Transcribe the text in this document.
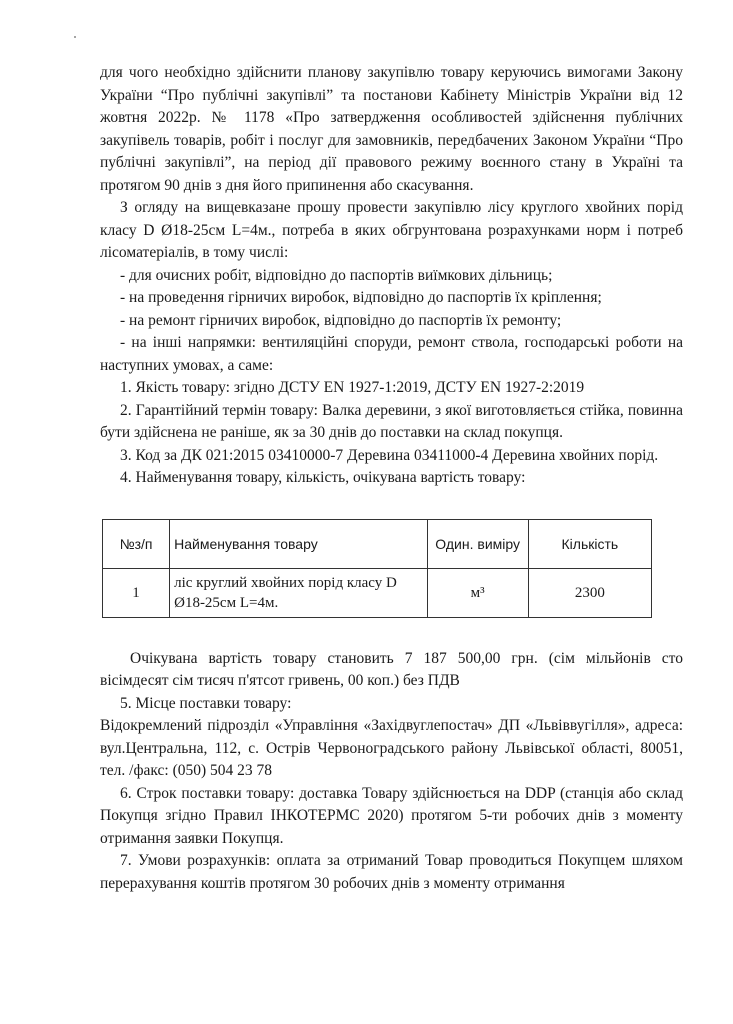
для чого необхідно здійснити планову закупівлю товару керуючись вимогами Закону України “Про публічні закупівлі” та постанови Кабінету Міністрів України від 12 жовтня 2022р. № 1178 «Про затвердження особливостей здійснення публічних закупівель товарів, робіт і послуг для замовників, передбачених Законом України “Про публічні закупівлі”, на період дії правового режиму воєнного стану в Україні та протягом 90 днів з дня його припинення або скасування.

З огляду на вищевказане прошу провести закупівлю лісу круглого хвойних порід класу D Ø18-25см L=4м., потреба в яких обгрунтована розрахунками норм і потреб лісоматеріалів, в тому числі:

- для очисних робіт, відповідно до паспортів виїмкових дільниць;

- на проведення гірничих виробок, відповідно до паспортів їх кріплення;

- на ремонт гірничих виробок, відповідно до паспортів їх ремонту;

- на інші напрямки: вентиляційні споруди, ремонт ствола, господарські роботи на наступних умовах, а саме:

1. Якість товару: згідно ДСТУ EN 1927-1:2019, ДСТУ EN 1927-2:2019

2. Гарантійний термін товару: Валка деревини, з якої виготовляється стійка, повинна бути здійснена не раніше, як за 30 днів до поставки на склад покупця.

3. Код за ДК 021:2015 03410000-7 Деревина 03411000-4 Деревина хвойних порід.

4. Найменування товару, кількість, очікувана вартість товару:

№з/п	Найменування товару	Один. виміру	Кількість
1	ліс круглий хвойних порід класу D Ø18-25см L=4м.	м³	2300

Очікувана вартість товару становить 7 187 500,00 грн. (сім мільйонів сто вісімдесят сім тисяч п'ятсот гривень, 00 коп.) без ПДВ

5. Місце поставки товару:

Відокремлений підрозділ «Управління «Західвуглепостач» ДП «Львіввугілля», адреса: вул.Центральна, 112, с. Острів Червоноградського району Львівської області, 80051, тел. /факс: (050) 504 23 78

6. Строк поставки товару: доставка Товару здійснюється на DDP (станція або склад Покупця згідно Правил ІНКОТЕРМС 2020) протягом 5-ти робочих днів з моменту отримання заявки Покупця.

7. Умови розрахунків: оплата за отриманий Товар проводиться Покупцем шляхом перерахування коштів протягом 30 робочих днів з моменту отримання
